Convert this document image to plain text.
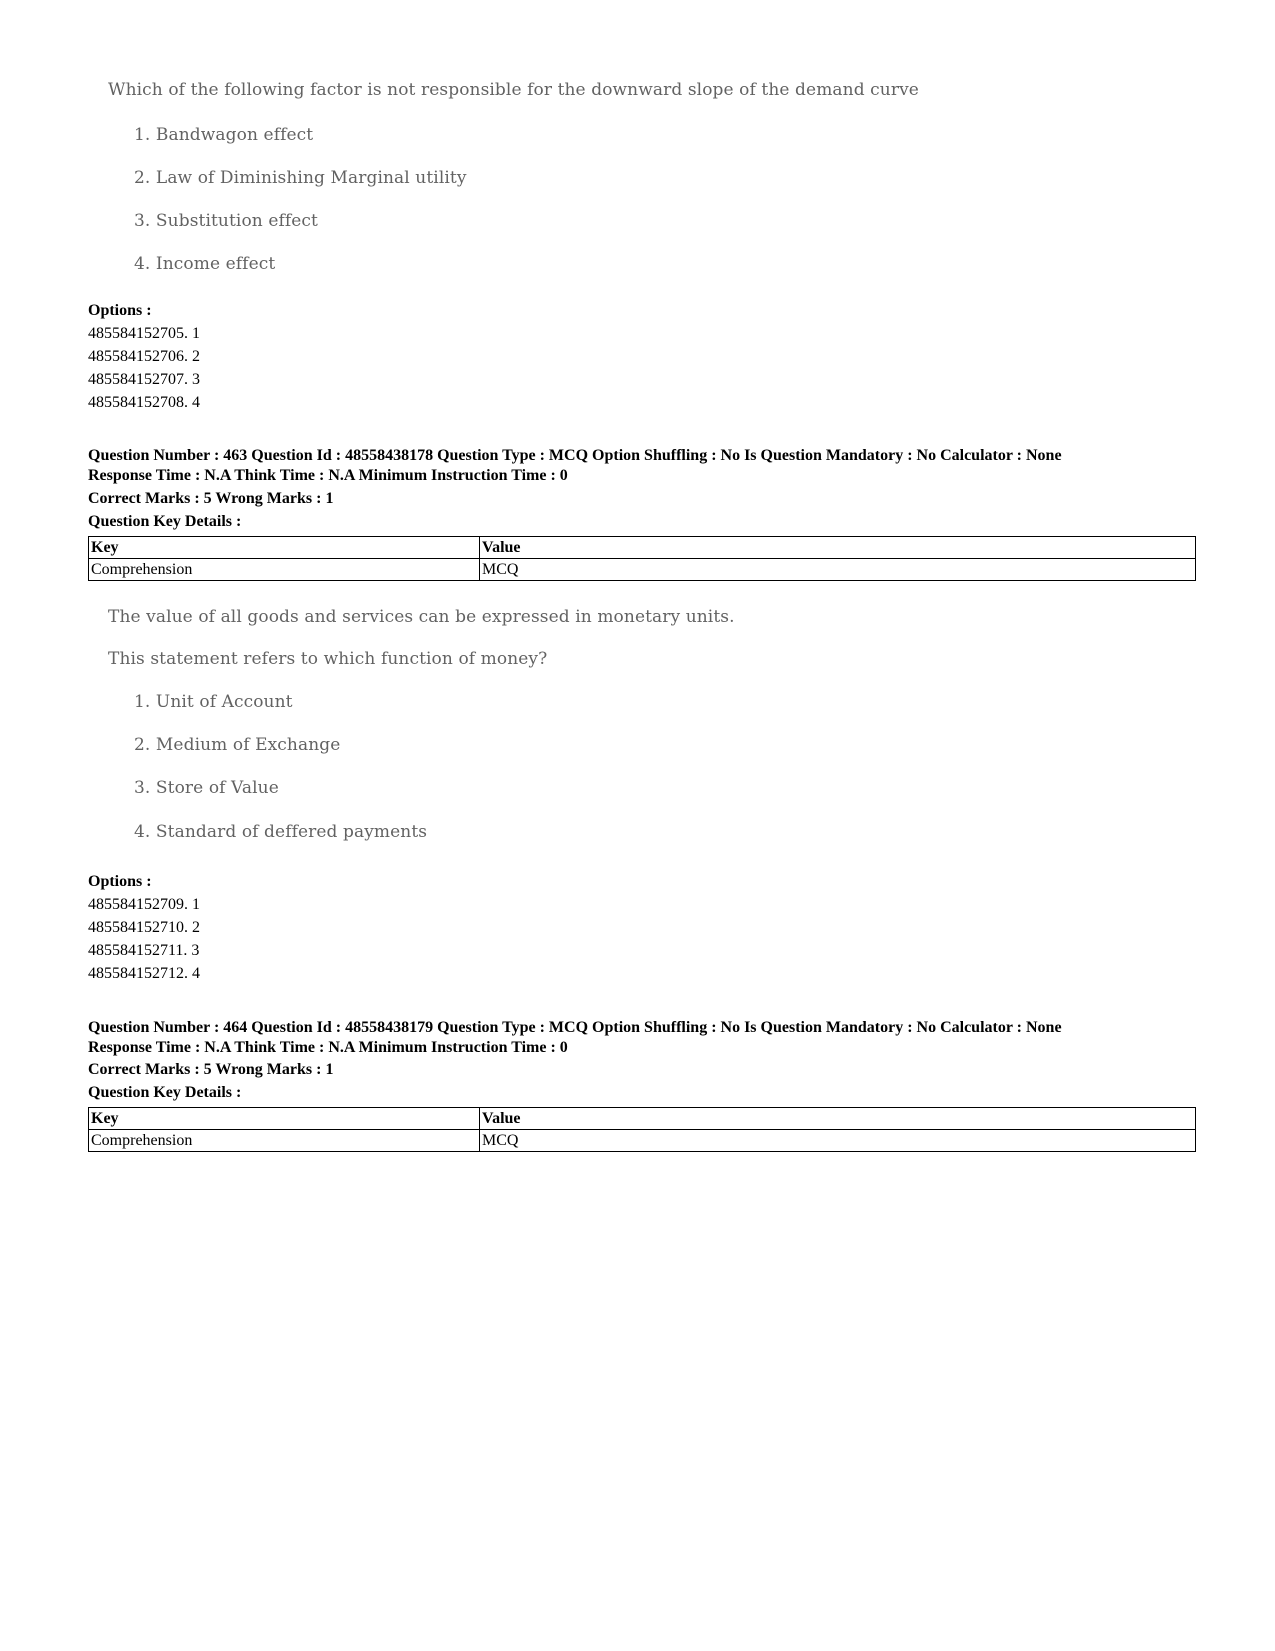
Which of the following factor is not responsible for the downward slope of the demand curve
1. Bandwagon effect
2. Law of Diminishing Marginal utility
3. Substitution effect
4. Income effect
Options :
485584152705. 1
485584152706. 2
485584152707. 3
485584152708. 4
Question Number : 463 Question Id : 48558438178 Question Type : MCQ Option Shuffling : No Is Question Mandatory : No Calculator : None
Response Time : N.A Think Time : N.A Minimum Instruction Time : 0
Correct Marks : 5 Wrong Marks : 1
Question Key Details :
Key	Value
Comprehension	MCQ
The value of all goods and services can be expressed in monetary units.
This statement refers to which function of money?
1. Unit of Account
2. Medium of Exchange
3. Store of Value
4. Standard of deffered payments
Options :
485584152709. 1
485584152710. 2
485584152711. 3
485584152712. 4
Question Number : 464 Question Id : 48558438179 Question Type : MCQ Option Shuffling : No Is Question Mandatory : No Calculator : None
Response Time : N.A Think Time : N.A Minimum Instruction Time : 0
Correct Marks : 5 Wrong Marks : 1
Question Key Details :
Key	Value
Comprehension	MCQ
